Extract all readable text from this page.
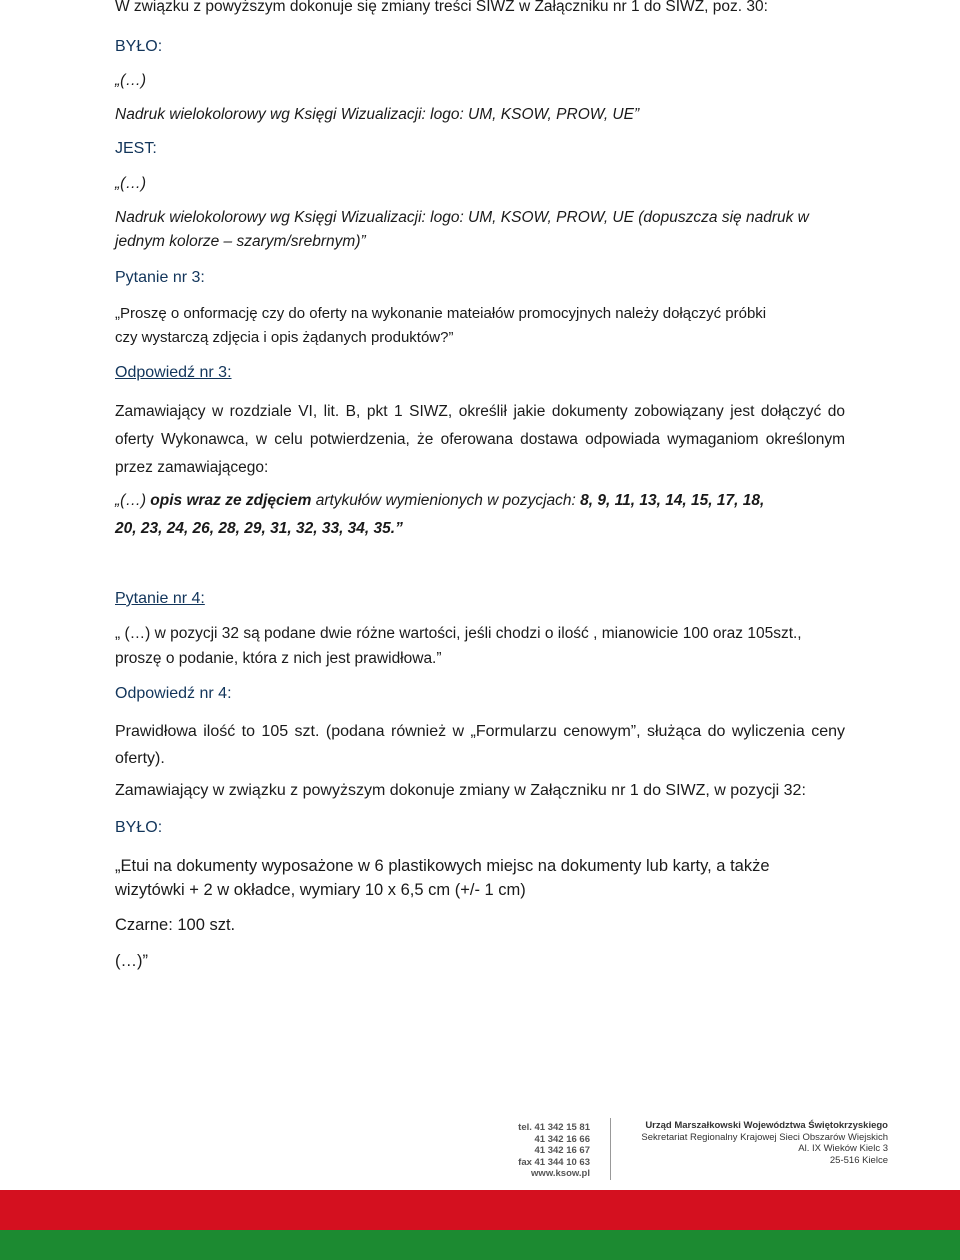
W związku z powyższym dokonuje się zmiany treści SIWZ w Załączniku nr 1 do SIWZ, poz. 30:
BYŁO:
„(…)
Nadruk wielokolorowy wg Księgi Wizualizacji: logo: UM, KSOW, PROW, UE”
JEST:
„(…)
Nadruk wielokolorowy wg Księgi Wizualizacji: logo: UM, KSOW, PROW, UE (dopuszcza się nadruk w
jednym kolorze – szarym/srebrnym)”
Pytanie nr 3:
„Proszę o onformację czy do oferty na wykonanie mateiałów promocyjnych należy dołączyć próbki
czy wystarczą zdjęcia i opis żądanych produktów?”
Odpowiedź nr 3:
Zamawiający w rozdziale VI, lit. B, pkt 1 SIWZ, określił jakie dokumenty zobowiązany jest dołączyć do oferty Wykonawca, w celu potwierdzenia, że oferowana dostawa odpowiada wymaganiom określonym przez zamawiającego:
„(…) opis wraz ze zdjęciem artykułów wymienionych w pozycjach: 8, 9, 11, 13, 14, 15, 17, 18,
20, 23, 24, 26, 28, 29, 31, 32, 33, 34, 35.”
Pytanie nr 4:
„ (…) w pozycji 32 są podane dwie różne wartości, jeśli chodzi o ilość , mianowicie 100 oraz 105szt.,
proszę o podanie, która z nich jest prawidłowa.”
Odpowiedź nr 4:
Prawidłowa ilość to 105 szt. (podana również w „Formularzu cenowym”, służąca do wyliczenia ceny oferty).
Zamawiający w związku z powyższym dokonuje zmiany w Załączniku nr 1 do SIWZ, w pozycji 32:
BYŁO:
„Etui na dokumenty wyposażone w 6 plastikowych miejsc na dokumenty lub karty, a także
wizytówki + 2 w okładce, wymiary 10 x 6,5 cm (+/- 1 cm)
Czarne: 100 szt.
(…)”
tel. 41 342 15 81
41 342 16 66
41 342 16 67
fax 41 344 10 63
www.ksow.pl
Urząd Marszałkowski Województwa Świętokrzyskiego
Sekretariat Regionalny Krajowej Sieci Obszarów Wiejskich
Al. IX Wieków Kielc 3
25-516 Kielce
